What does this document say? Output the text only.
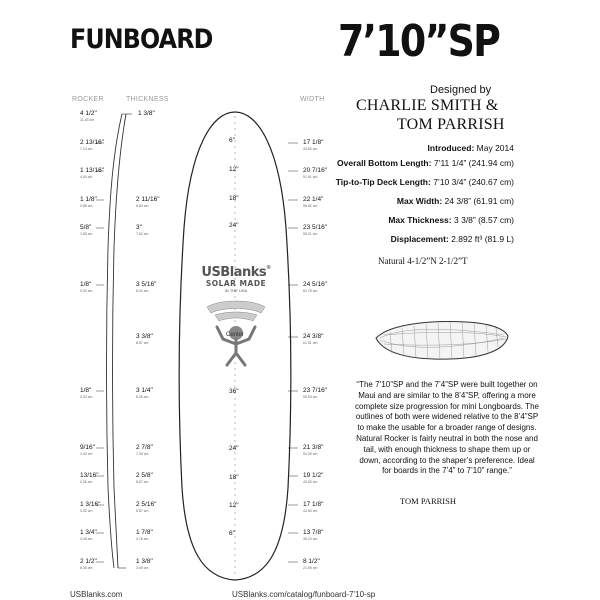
FUNBOARD	7’10”SP
Designed by
CHARLIE SMITH &
TOM PARRISH
ROCKER	THICKNESS	WIDTH
Introduced: May 2014
Overall Bottom Length: 7’11 1/4” (241.94 cm)
Tip-to-Tip Deck Length: 7’10 3/4” (240.67 cm)
Max Width: 24 3/8” (61.91 cm)
Max Thickness: 3 3/8” (8.57 cm)
Displacement: 2.892 ft³ (81.9 L)
Natural 4-1/2”N 2-1/2”T
“The 7’10”SP and the 7’4”SP were built together on Maui and are similar to the 8’4”SP, offering a more complete size progression for mini Longboards. The outlines of both were widened relative to the 8’4”SP to make the usable for a broader range of designs. Natural Rocker is fairly neutral in both the nose and tail, with enough thickness to shape them up or down, according to the shaper’s preference. Ideal for boards in the 7’4” to 7’10” range.”
TOM PARRISH
6"
12"
18"
24"
36"
24"
18"
12"
6"
USBlanks®
SOLAR MADE
IN THE USA
Center
4 1/2"
11.43 cm
2 13/16"
7.14 cm
1 13/16"
4.60 cm
1 1/8"
2.86 cm
5/8"
1.59 cm
1/8"
0.32 cm
1/8"
0.32 cm
9/16"
1.43 cm
13/16"
2.06 cm
1 3/16"
3.02 cm
1 3/4"
4.45 cm
2 1/2"
6.35 cm
1 3/8"
2 11/16"
6.83 cm
3"
7.62 cm
3 5/16"
8.41 cm
3 3/8"
8.57 cm
3 1/4"
8.26 cm
2 7/8"
7.30 cm
2 5/8"
6.67 cm
2 5/16"
5.87 cm
1 7/8"
4.76 cm
1 3/8"
3.49 cm
17 1/8"
43.50 cm
20 7/16"
51.91 cm
22 1/4"
56.52 cm
23 5/16"
59.21 cm
24 5/16"
61.75 cm
24 3/8"
61.91 cm
23 7/16"
59.53 cm
21 3/8"
54.29 cm
19 1/2"
49.53 cm
17 1/8"
43.50 cm
13 7/8"
35.24 cm
8 1/2"
21.59 cm
USBlanks.com	USBlanks.com/catalog/funboard-7’10-sp
